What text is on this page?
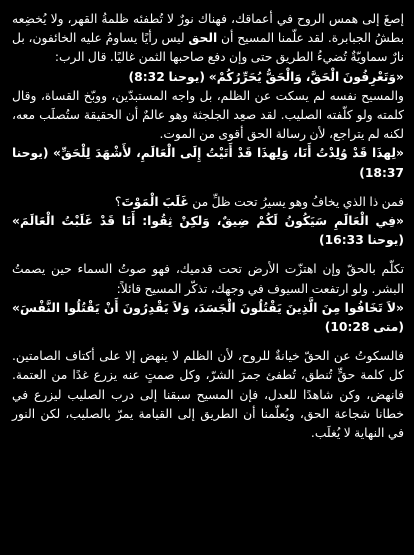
إصغَ إلى همس الروح في أعماقك، فهناك نورٌ لا تُطفئه ظلمةُ القهر، ولا يُخضِعه بطشُ الجبابرة. لقد علّمنا المسيح أن الحق ليس رأيًا يساومُ عليه الخائفون، بل نارٌ سماويّةٌ تُضيءُ الطريق حتى وإن دفع صاحبها الثمن غاليًا. قال الرب:

«وَتَعْرِفُونَ الْحَقَّ، وَالْحَقُّ يُحَرِّرُكُمْ» (يوحنا 8:32)

والمسيح نفسه لم يسكت عن الظلم، بل واجه المستبدّين، ووبّخ القساة، وقال كلمته ولو كلّفته الصليب. لقد صعِد الجلجثة وهو عالمٌ أن الحقيقة ستُصلَب معه، لكنه لم يتراجع، لأن رسالة الحق أقوى من الموت.

«لِهذَا قَدْ وُلِدْتُ أَنَا، وَلِهذَا قَدْ أَتَيْتُ إِلَى الْعَالَمِ، لأَشْهَدَ لِلْحَقِّ» (يوحنا 18:37)

فمن ذا الذي يخافُ وهو يسيرُ تحت ظلِّ من غَلَبَ الْمَوْتَ؟

«فِي الْعَالَمِ سَيَكُونُ لَكُمْ ضِيقٌ، وَلكِنْ ثِقُوا: أَنَا قَدْ غَلَبْتُ الْعَالَمَ» (يوحنا 16:33)

تكلّم بالحقّ وإن اهتزّت الأرض تحت قدميك، فهو صوتُ السماء حين يصمتُ البشر. ولو ارتفعت السيوف في وجهك، تذكّر المسيح قائلاً:

«لاَ تَخَافُوا مِنَ الَّذِينَ يَقْتُلُونَ الْجَسَدَ، وَلاَ يَقْدِرُونَ أَنْ يَقْتُلُوا النَّفْسَ» (متى 10:28)

فالسكوتُ عن الحقّ خيانةٌ للروح، لأن الظلم لا ينهض إلا على أكتاف الصامتين. كل كلمة حقٍّ تُنطق، تُطفئ جمرَ الشرّ، وكل صمتٍ عنه يزرع غدًا من العتمة. فانهض، وكن شاهدًا للعدل، فإن المسيح سبقنا إلى درب الصليب ليزرع في خطانا شجاعة الحق، ويُعلّمنا أن الطريق إلى القيامة يمرّ بالصليب، لكن النور في النهاية لا يُغلَب.
